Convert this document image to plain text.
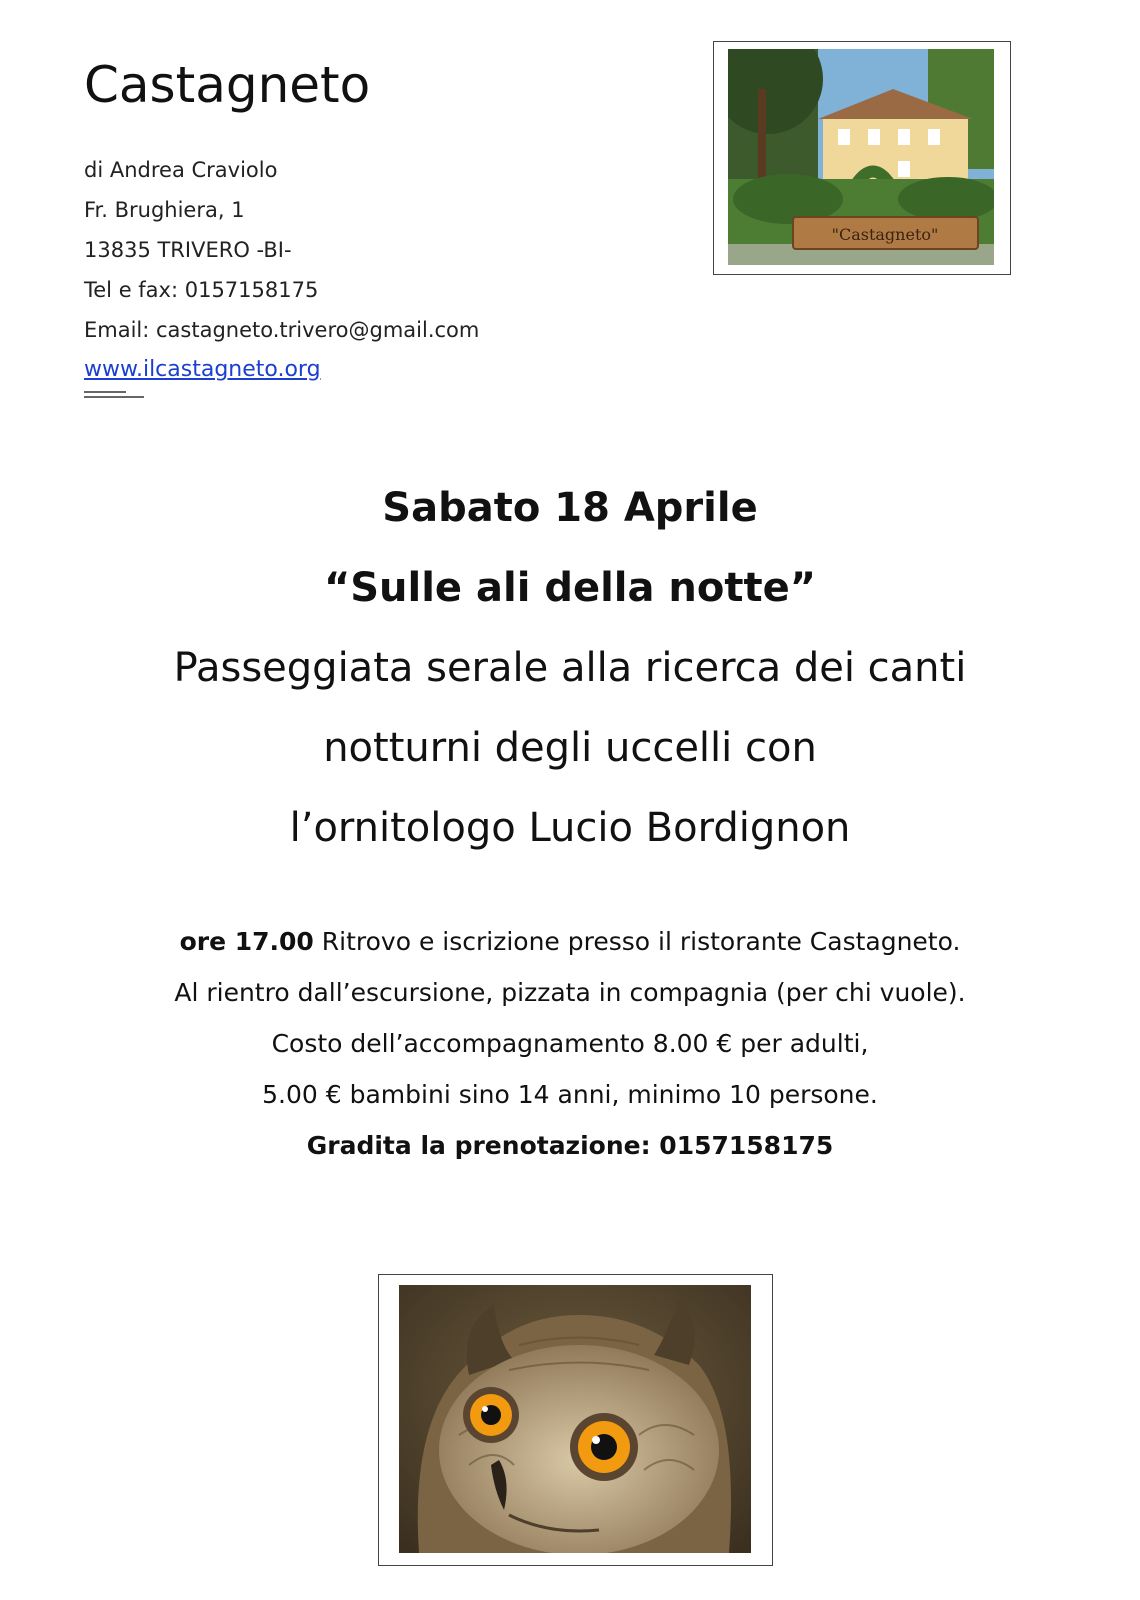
Castagneto
di Andrea Craviolo
Fr. Brughiera, 1
13835 TRIVERO -BI-
Tel e fax: 0157158175
Email: castagneto.trivero@gmail.com
www.ilcastagneto.org
"Castagneto"
Sabato 18 Aprile
“Sulle ali della notte”
Passeggiata serale alla ricerca dei canti
notturni degli uccelli con
l’ornitologo Lucio Bordignon
ore 17.00 Ritrovo e iscrizione presso il ristorante Castagneto.
Al rientro dall’escursione, pizzata in compagnia (per chi vuole).
Costo dell’accompagnamento 8.00 € per adulti,
5.00 € bambini sino 14 anni, minimo 10 persone.
Gradita la prenotazione: 0157158175
